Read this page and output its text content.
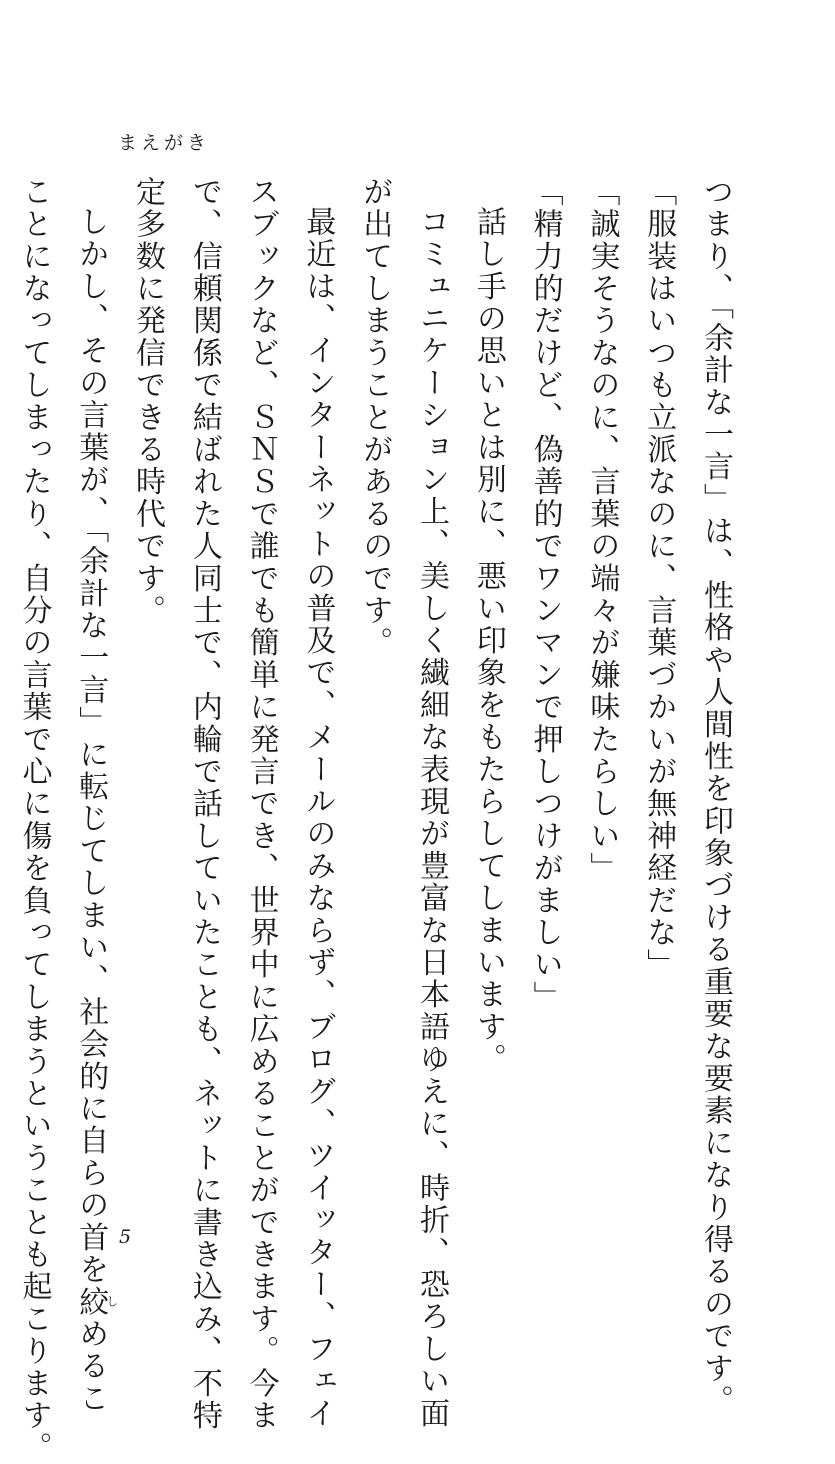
まえがき

つまり、「余計な一言」は、性格や人間性を印象づける重要な要素になり得るのです。

「服装はいつも立派なのに、言葉づかいが無神経だな」

「誠実そうなのに、言葉の端々が嫌味たらしい」

「精力的だけど、偽善的でワンマンで押しつけがましい」

話し手の思いとは別に、悪い印象をもたらしてしまいます。

コミュニケーション上、美しく繊細な表現が豊富な日本語ゆえに、時折、恐ろしい面

が出てしまうことがあるのです。

最近は、インターネットの普及で、メールのみならず、ブログ、ツイッター、フェイ

スブックなど、ＳＮＳで誰でも簡単に発言でき、世界中に広めることができます。今ま

で、信頼関係で結ばれた人同士で、内輪で話していたことも、ネットに書き込み、不特

定多数に発信できる時代です。

しかし、その言葉が、「余計な一言」に転じてしまい、社会的に自らの首を絞しめるこ

ことになってしまったり、自分の言葉で心に傷を負ってしまうということも起こります。	5
